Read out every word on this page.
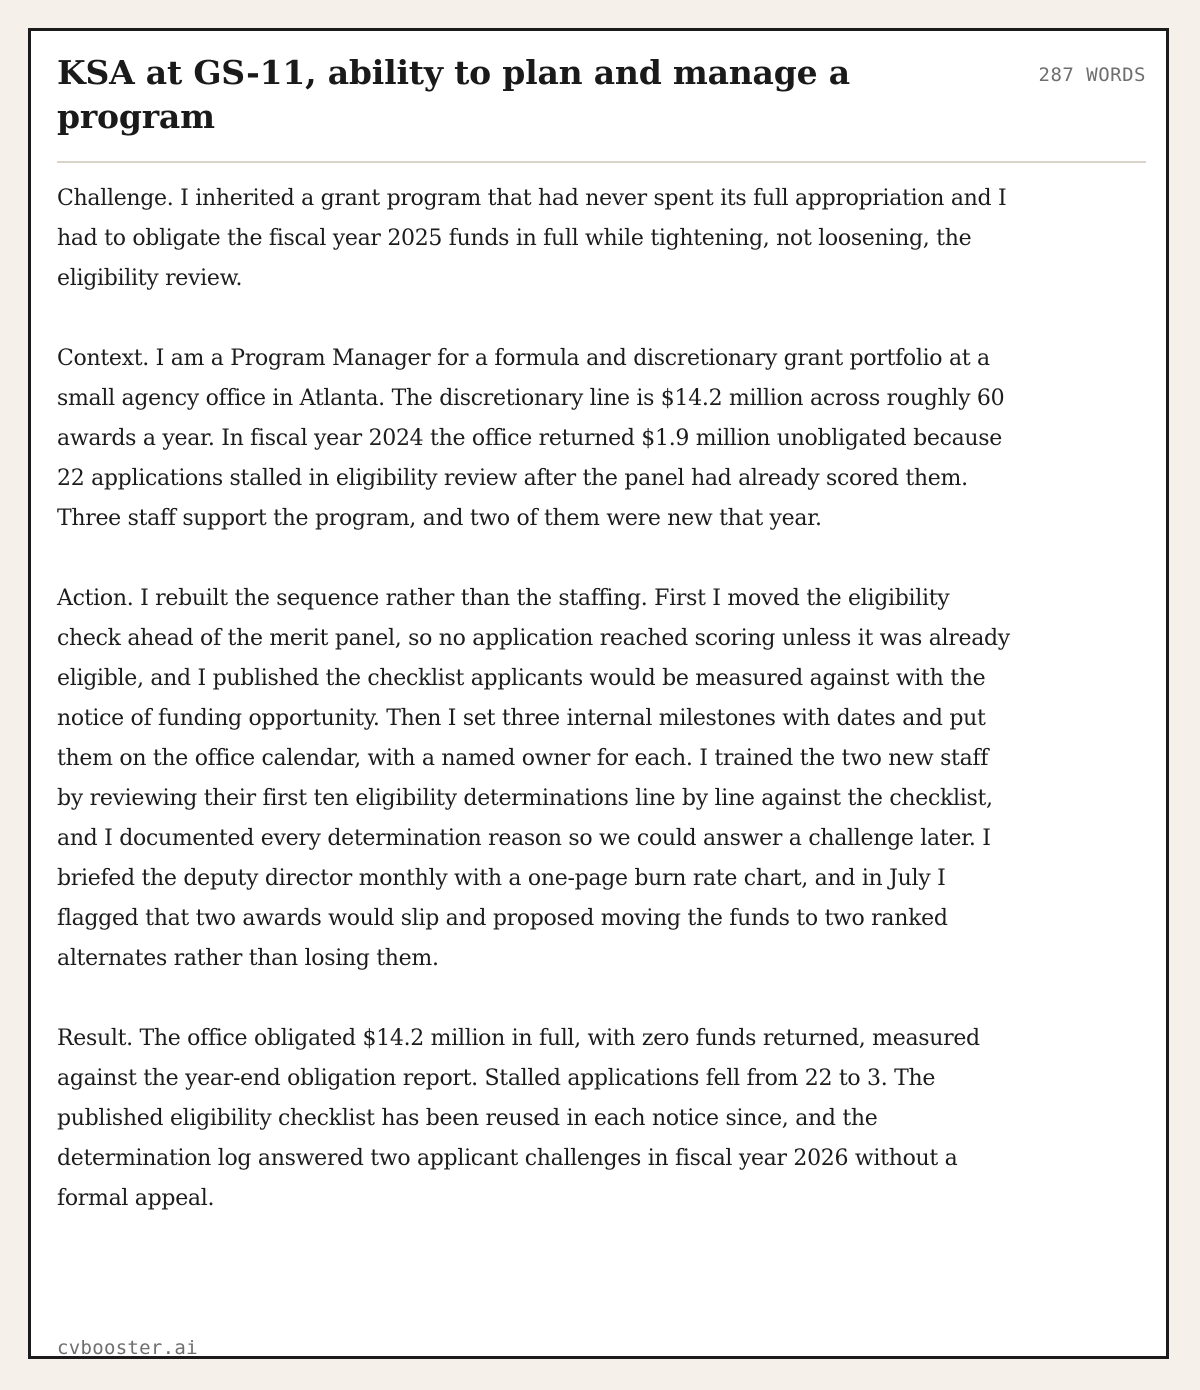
KSA at GS-11, ability to plan and manage a program
287 WORDS

Challenge. I inherited a grant program that had never spent its full appropriation and I had to obligate the fiscal year 2025 funds in full while tightening, not loosening, the eligibility review.

Context. I am a Program Manager for a formula and discretionary grant portfolio at a small agency office in Atlanta. The discretionary line is $14.2 million across roughly 60 awards a year. In fiscal year 2024 the office returned $1.9 million unobligated because 22 applications stalled in eligibility review after the panel had already scored them. Three staff support the program, and two of them were new that year.

Action. I rebuilt the sequence rather than the staffing. First I moved the eligibility check ahead of the merit panel, so no application reached scoring unless it was already eligible, and I published the checklist applicants would be measured against with the notice of funding opportunity. Then I set three internal milestones with dates and put them on the office calendar, with a named owner for each. I trained the two new staff by reviewing their first ten eligibility determinations line by line against the checklist, and I documented every determination reason so we could answer a challenge later. I briefed the deputy director monthly with a one-page burn rate chart, and in July I flagged that two awards would slip and proposed moving the funds to two ranked alternates rather than losing them.

Result. The office obligated $14.2 million in full, with zero funds returned, measured against the year-end obligation report. Stalled applications fell from 22 to 3. The published eligibility checklist has been reused in each notice since, and the determination log answered two applicant challenges in fiscal year 2026 without a formal appeal.

cvbooster.ai
